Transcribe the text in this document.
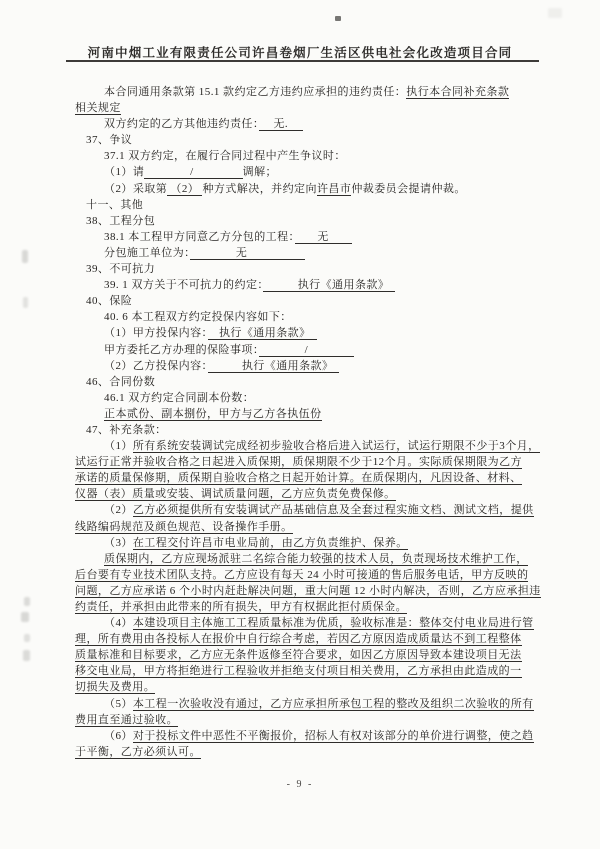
河南中烟工业有限责任公司许昌卷烟厂生活区供电社会化改造项目合同
本合同通用条款第 15.1 款约定乙方违约应承担的违约责任：执行本合同补充条款
相关规定
双方约定的乙方其他违约责任：　 无. 　
37、争议
37.1 双方约定，在履行合同过程中产生争议时：
（1）请　　　　/　　　　 调解；
（2）采取第 （2） 种方式解决，并约定向许昌市仲裁委员会提请仲裁。
十一、其他
38、工程分包
38.1 本工程甲方同意乙方分包的工程：　　无　　
分包施工单位为：　　　　无　　　　　
39、不可抗力
39. 1 双方关于不可抗力的约定：　　　执行《通用条款》　
40、保险
40. 6 本工程双方约定投保内容如下：
（1）甲方投保内容：　执行《通用条款》　
甲方委托乙方办理的保险事项：　　　　/　　　　
（2）乙方投保内容：　　　执行《通用条款》　
46、合同份数
46.1 双方约定合同副本份数：
正本贰份、副本捌份，甲方与乙方各执伍份
47、补充条款：
（1）所有系统安装调试完成经初步验收合格后进入试运行，试运行期限不少于3个月，
试运行正常并验收合格之日起进入质保期，质保期限不少于12个月。实际质保期限为乙方
承诺的质量保修期，质保期自验收合格之日起开始计算。在质保期内，凡因设备、材料、
仪器（表）质量或安装、调试质量问题，乙方应负责免费保修。
（2）乙方必须提供所有安装调试产品基础信息及全套过程实施文档、测试文档，提供
线路编码规范及颜色规范、设备操作手册。
（3）在工程交付许昌市电业局前，由乙方负责维护、保养。
质保期内，乙方应现场派驻二名综合能力较强的技术人员，负责现场技术维护工作，
后台要有专业技术团队支持。乙方应设有每天 24 小时可接通的售后服务电话，甲方反映的
问题，乙方应承诺 6 个小时内赶赴解决问题，重大问题 12 小时内解决，否则，乙方应承担违
约责任，并承担由此带来的所有损失，甲方有权据此拒付质保金。
（4）本建设项目主体施工工程质量标准为优质，验收标准是：整体交付电业局进行管
理，所有费用由各投标人在报价中自行综合考虑，若因乙方原因造成质量达不到工程整体
质量标准和目标要求，乙方应无条件返修至符合要求，如因乙方原因导致本建设项目无法
移交电业局，甲方将拒绝进行工程验收并拒绝支付项目相关费用，乙方承担由此造成的一
切损失及费用。
（5）本工程一次验收没有通过，乙方应承担所承包工程的整改及组织二次验收的所有
费用直至通过验收。
（6）对于投标文件中恶性不平衡报价，招标人有权对该部分的单价进行调整，使之趋
于平衡，乙方必须认可。
- 9 -
